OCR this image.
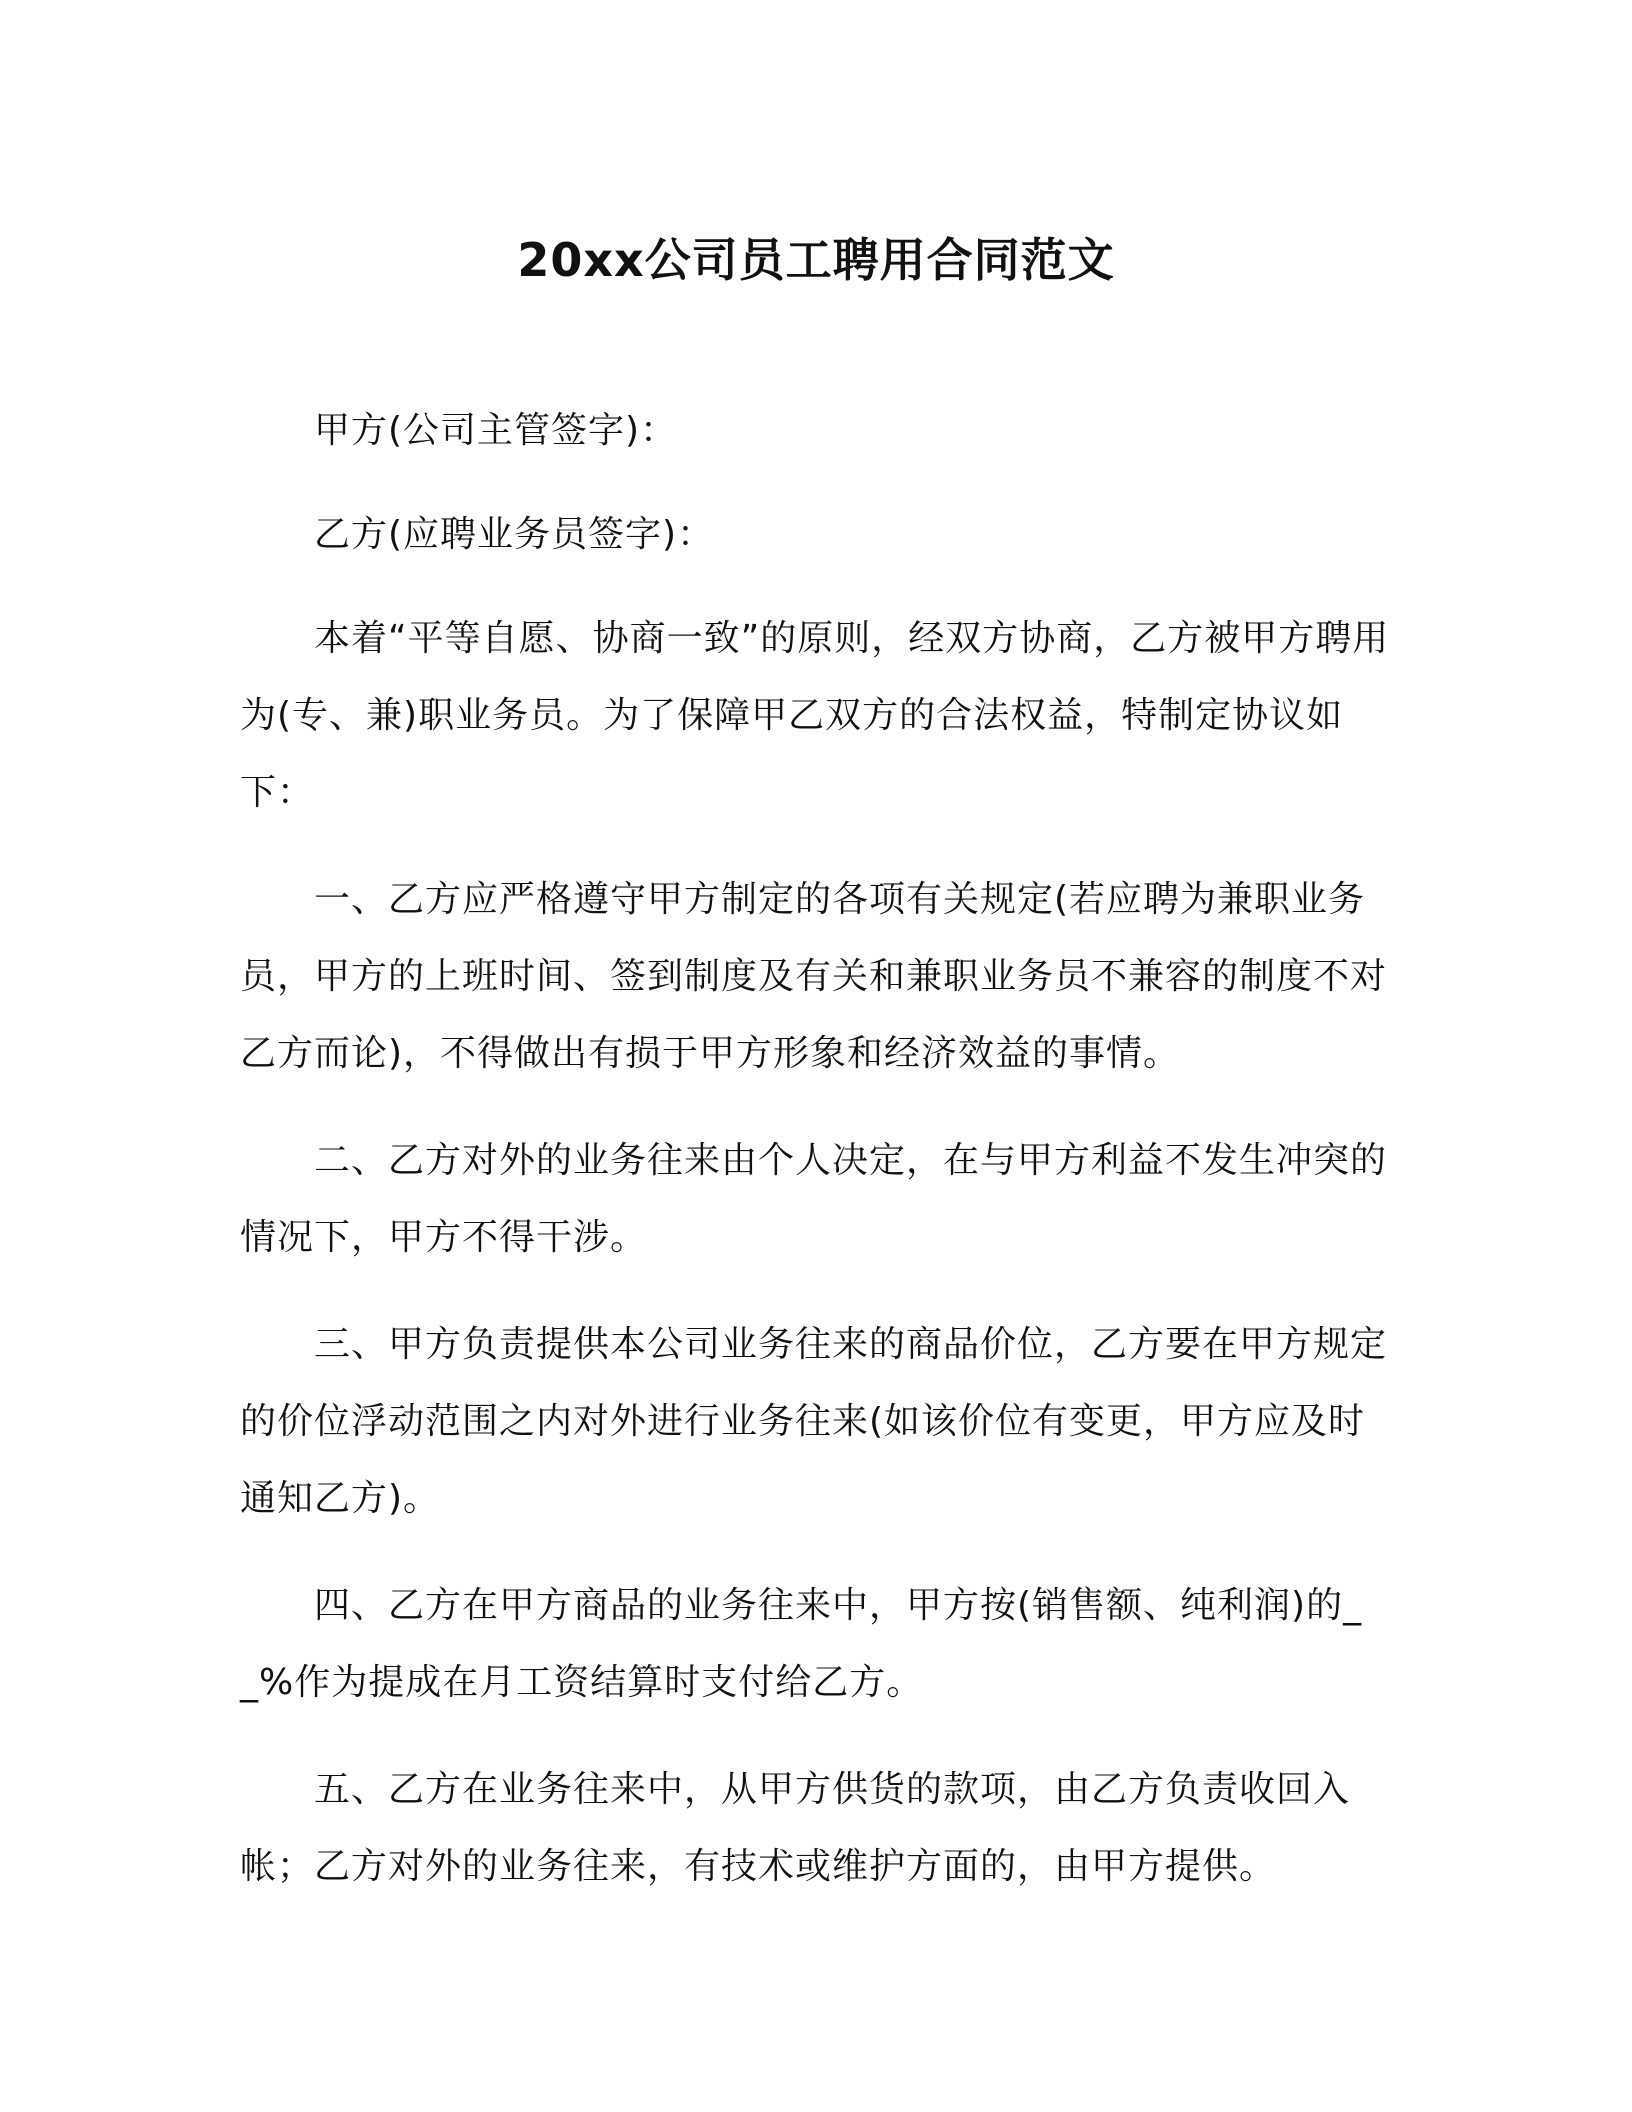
20xx公司员工聘用合同范文

甲方(公司主管签字)：

乙方(应聘业务员签字)：

本着“平等自愿、协商一致”的原则，经双方协商，乙方被甲方聘用为(专、兼)职业务员。为了保障甲乙双方的合法权益，特制定协议如下：

一、乙方应严格遵守甲方制定的各项有关规定(若应聘为兼职业务员，甲方的上班时间、签到制度及有关和兼职业务员不兼容的制度不对乙方而论)，不得做出有损于甲方形象和经济效益的事情。

二、乙方对外的业务往来由个人决定，在与甲方利益不发生冲突的情况下，甲方不得干涉。

三、甲方负责提供本公司业务往来的商品价位，乙方要在甲方规定的价位浮动范围之内对外进行业务往来(如该价位有变更，甲方应及时通知乙方)。

四、乙方在甲方商品的业务往来中，甲方按(销售额、纯利润)的__%作为提成在月工资结算时支付给乙方。

五、乙方在业务往来中，从甲方供货的款项，由乙方负责收回入帐；乙方对外的业务往来，有技术或维护方面的，由甲方提供。
